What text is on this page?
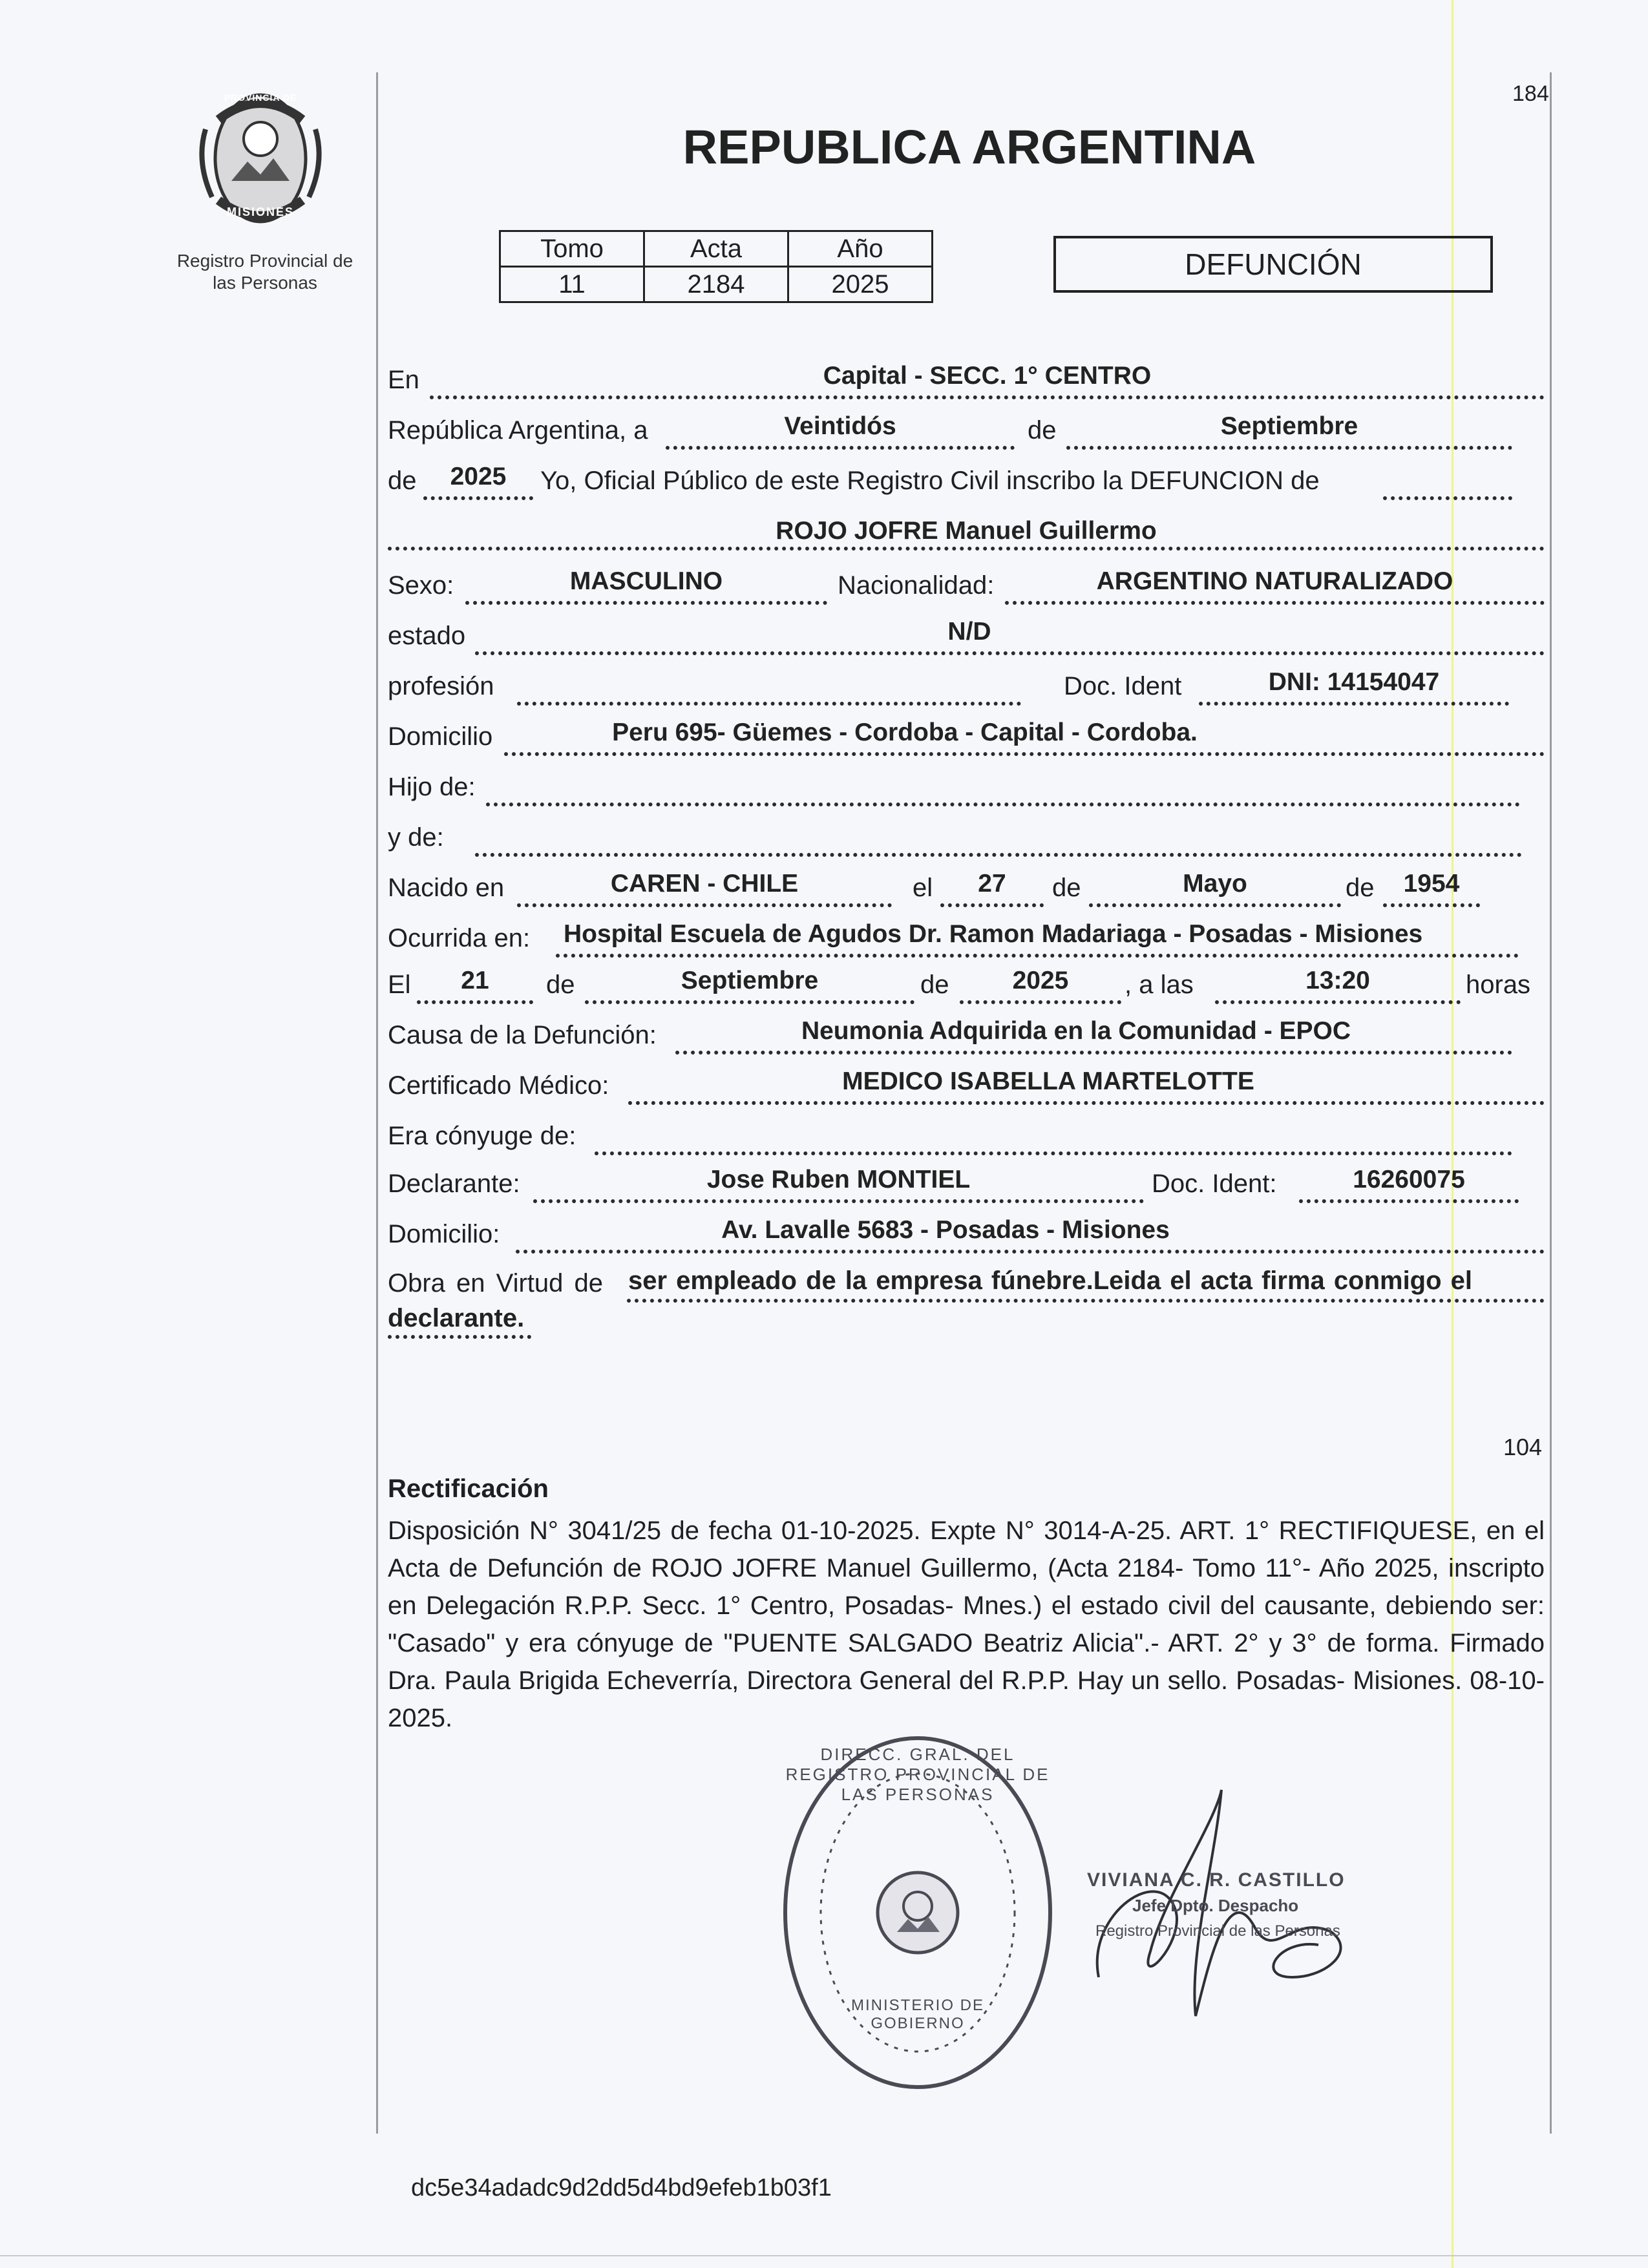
184
PROVINCIA DE
MISIONES
Registro Provincial de
las Personas
REPUBLICA ARGENTINA
Tomo	Acta	Año
11	2184	2025
DEFUNCIÓN
En	Capital - SECC. 1° CENTRO
República Argentina, a	Veintidós	de	Septiembre
de	2025	Yo, Oficial Público de este Registro Civil inscribo la DEFUNCION de
ROJO JOFRE Manuel Guillermo
Sexo:	MASCULINO	Nacionalidad:	ARGENTINO NATURALIZADO
estado	N/D
profesión	Doc. Ident	DNI: 14154047
Domicilio	Peru 695- Güemes - Cordoba - Capital - Cordoba.
Hijo de:
y de:
Nacido en	CAREN - CHILE	el	27	de	Mayo	de	1954
Ocurrida en: Hospital Escuela de Agudos Dr. Ramon Madariaga - Posadas - Misiones
El	21	de	Septiembre	de	2025	, a las	13:20	horas
Causa de la Defunción:	Neumonia Adquirida en la Comunidad - EPOC
Certificado Médico:	MEDICO ISABELLA MARTELOTTE
Era cónyuge de:
Declarante:	Jose Ruben MONTIEL	Doc. Ident:	16260075
Domicilio:	Av. Lavalle 5683 - Posadas - Misiones
Obra en Virtud de ser empleado de la empresa fúnebre.Leida el acta firma conmigo el
declarante.
104
Rectificación
Disposición N° 3041/25 de fecha 01-10-2025. Expte N° 3014-A-25. ART. 1° RECTIFIQUESE, en el Acta de Defunción de ROJO JOFRE Manuel Guillermo, (Acta 2184- Tomo 11°- Año 2025, inscripto en Delegación R.P.P. Secc. 1° Centro, Posadas- Mnes.) el estado civil del causante, debiendo ser: "Casado" y era cónyuge de "PUENTE SALGADO Beatriz Alicia".- ART. 2° y 3° de forma. Firmado Dra. Paula Brigida Echeverría, Directora General del R.P.P. Hay un sello. Posadas- Misiones. 08-10-2025.
DIRECC. GRAL. DEL REGISTRO PROVINCIAL DE LAS PERSONAS
MINISTERIO DE GOBIERNO
VIVIANA C. R. CASTILLO
Jefe Dpto. Despacho
Registro Provincial de las Personas
dc5e34adadc9d2dd5d4bd9efeb1b03f1
